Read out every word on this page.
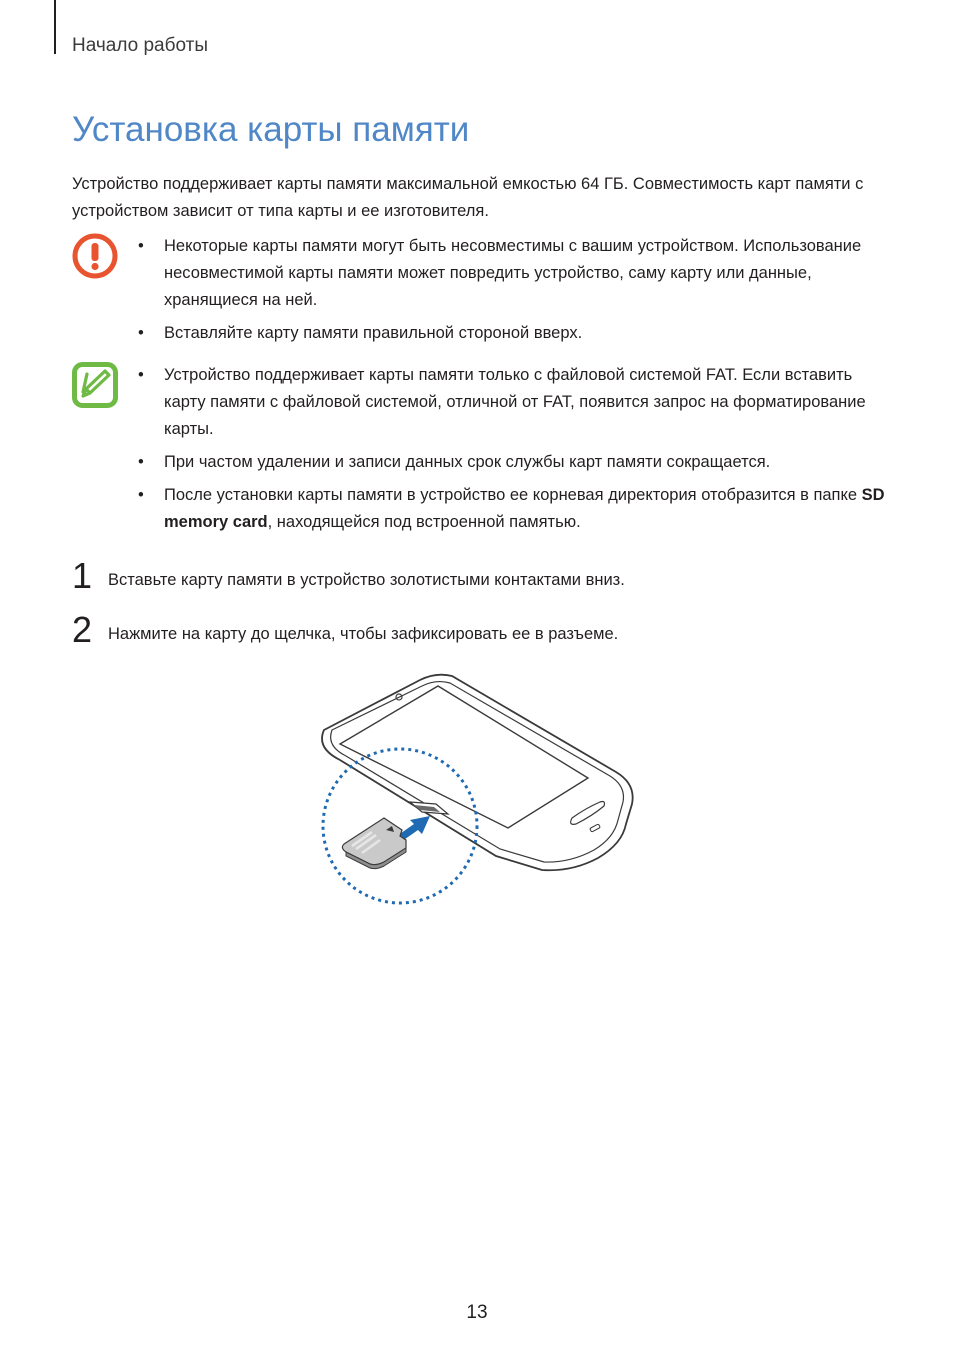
Начало работы
Установка карты памяти
Устройство поддерживает карты памяти максимальной емкостью 64 ГБ. Совместимость карт памяти с устройством зависит от типа карты и ее изготовителя.
• Некоторые карты памяти могут быть несовместимы с вашим устройством. Использование несовместимой карты памяти может повредить устройство, саму карту или данные, хранящиеся на ней.
• Вставляйте карту памяти правильной стороной вверх.
• Устройство поддерживает карты памяти только с файловой системой FAT. Если вставить карту памяти с файловой системой, отличной от FAT, появится запрос на форматирование карты.
• При частом удалении и записи данных срок службы карт памяти сокращается.
• После установки карты памяти в устройство ее корневая директория отобразится в папке SD memory card, находящейся под встроенной памятью.
1 Вставьте карту памяти в устройство золотистыми контактами вниз.
2 Нажмите на карту до щелчка, чтобы зафиксировать ее в разъеме.
13
